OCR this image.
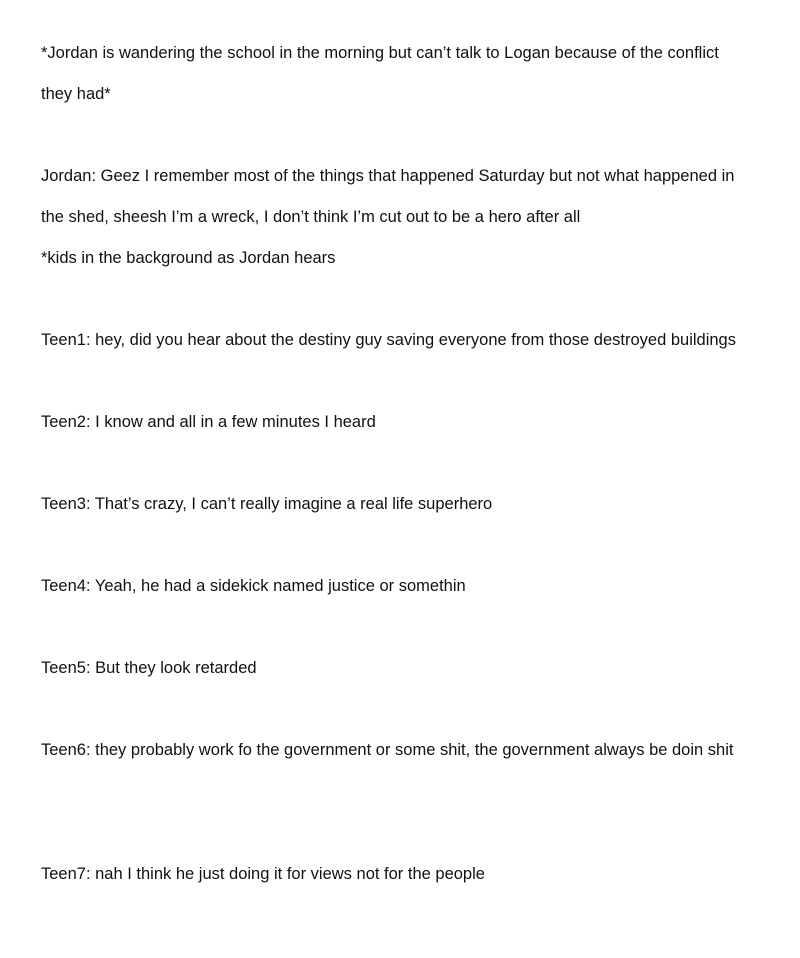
*Jordan is wandering the school in the morning but can’t talk to Logan because of the conflict
they had*
Jordan: Geez I remember most of the things that happened Saturday but not what happened in
the shed, sheesh I’m a wreck, I don’t think I’m cut out to be a hero after all
*kids in the background as Jordan hears
Teen1: hey, did you hear about the destiny guy saving everyone from those destroyed buildings
Teen2: I know and all in a few minutes I heard
Teen3: That’s crazy, I can’t really imagine a real life superhero
Teen4: Yeah, he had a sidekick named justice or somethin
Teen5: But they look retarded
Teen6: they probably work fo the government or some shit, the government always be doin shit
Teen7: nah I think he just doing it for views not for the people
